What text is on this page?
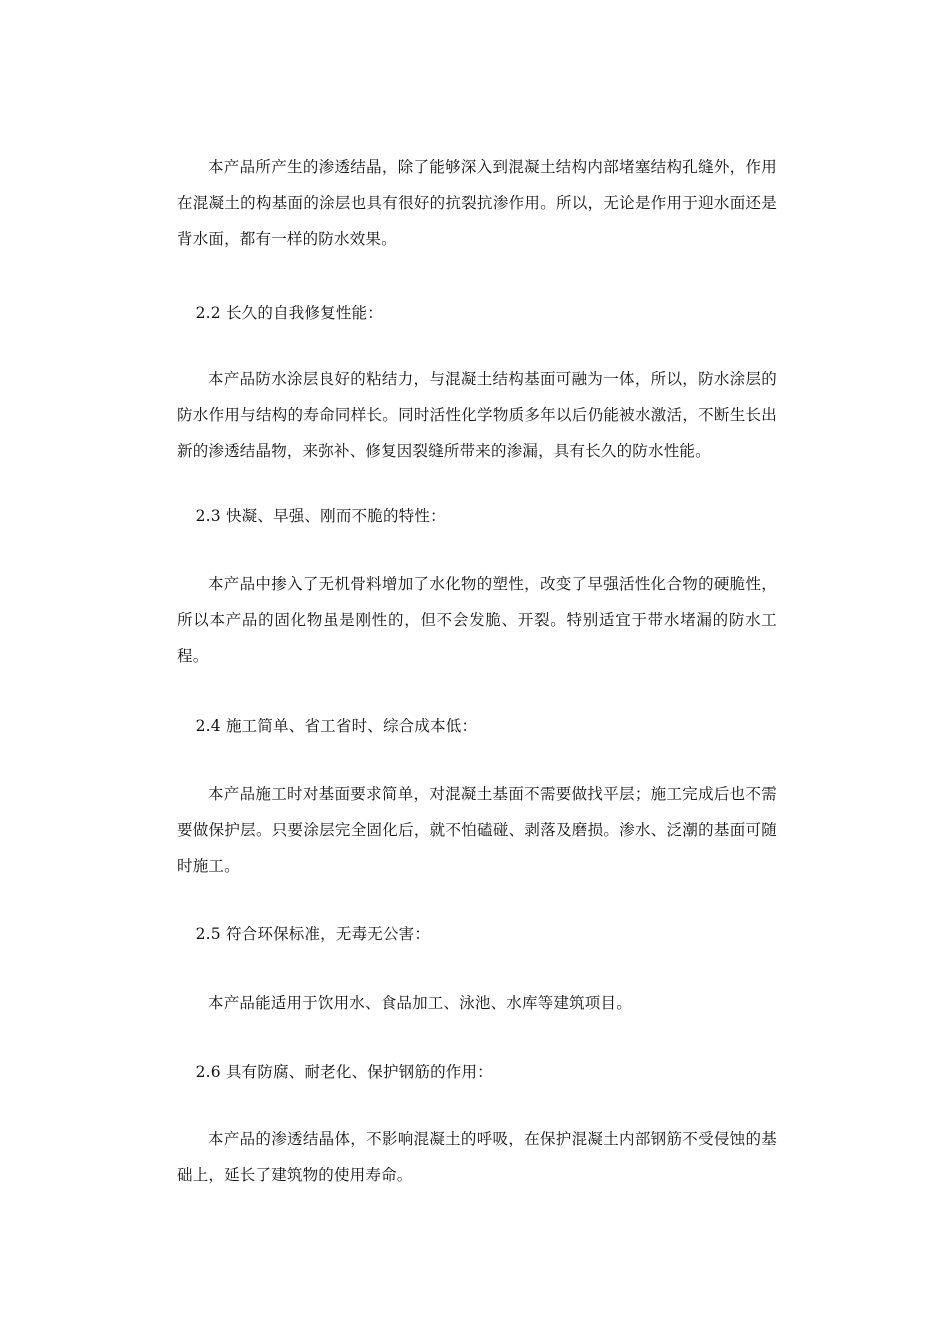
本产品所产生的渗透结晶，除了能够深入到混凝土结构内部堵塞结构孔缝外，作用在混凝土的构基面的涂层也具有很好的抗裂抗渗作用。所以，无论是作用于迎水面还是背水面，都有一样的防水效果。

2.2 长久的自我修复性能：

本产品防水涂层良好的粘结力，与混凝土结构基面可融为一体，所以，防水涂层的防水作用与结构的寿命同样长。同时活性化学物质多年以后仍能被水激活，不断生长出新的渗透结晶物，来弥补、修复因裂缝所带来的渗漏，具有长久的防水性能。

2.3 快凝、早强、刚而不脆的特性：

本产品中掺入了无机骨料增加了水化物的塑性，改变了早强活性化合物的硬脆性，所以本产品的固化物虽是刚性的，但不会发脆、开裂。特别适宜于带水堵漏的防水工程。

2.4 施工简单、省工省时、综合成本低：

本产品施工时对基面要求简单，对混凝土基面不需要做找平层；施工完成后也不需要做保护层。只要涂层完全固化后，就不怕磕碰、剥落及磨损。渗水、泛潮的基面可随时施工。

2.5 符合环保标准，无毒无公害：

本产品能适用于饮用水、食品加工、泳池、水库等建筑项目。

2.6 具有防腐、耐老化、保护钢筋的作用：

本产品的渗透结晶体，不影响混凝土的呼吸，在保护混凝土内部钢筋不受侵蚀的基础上，延长了建筑物的使用寿命。
